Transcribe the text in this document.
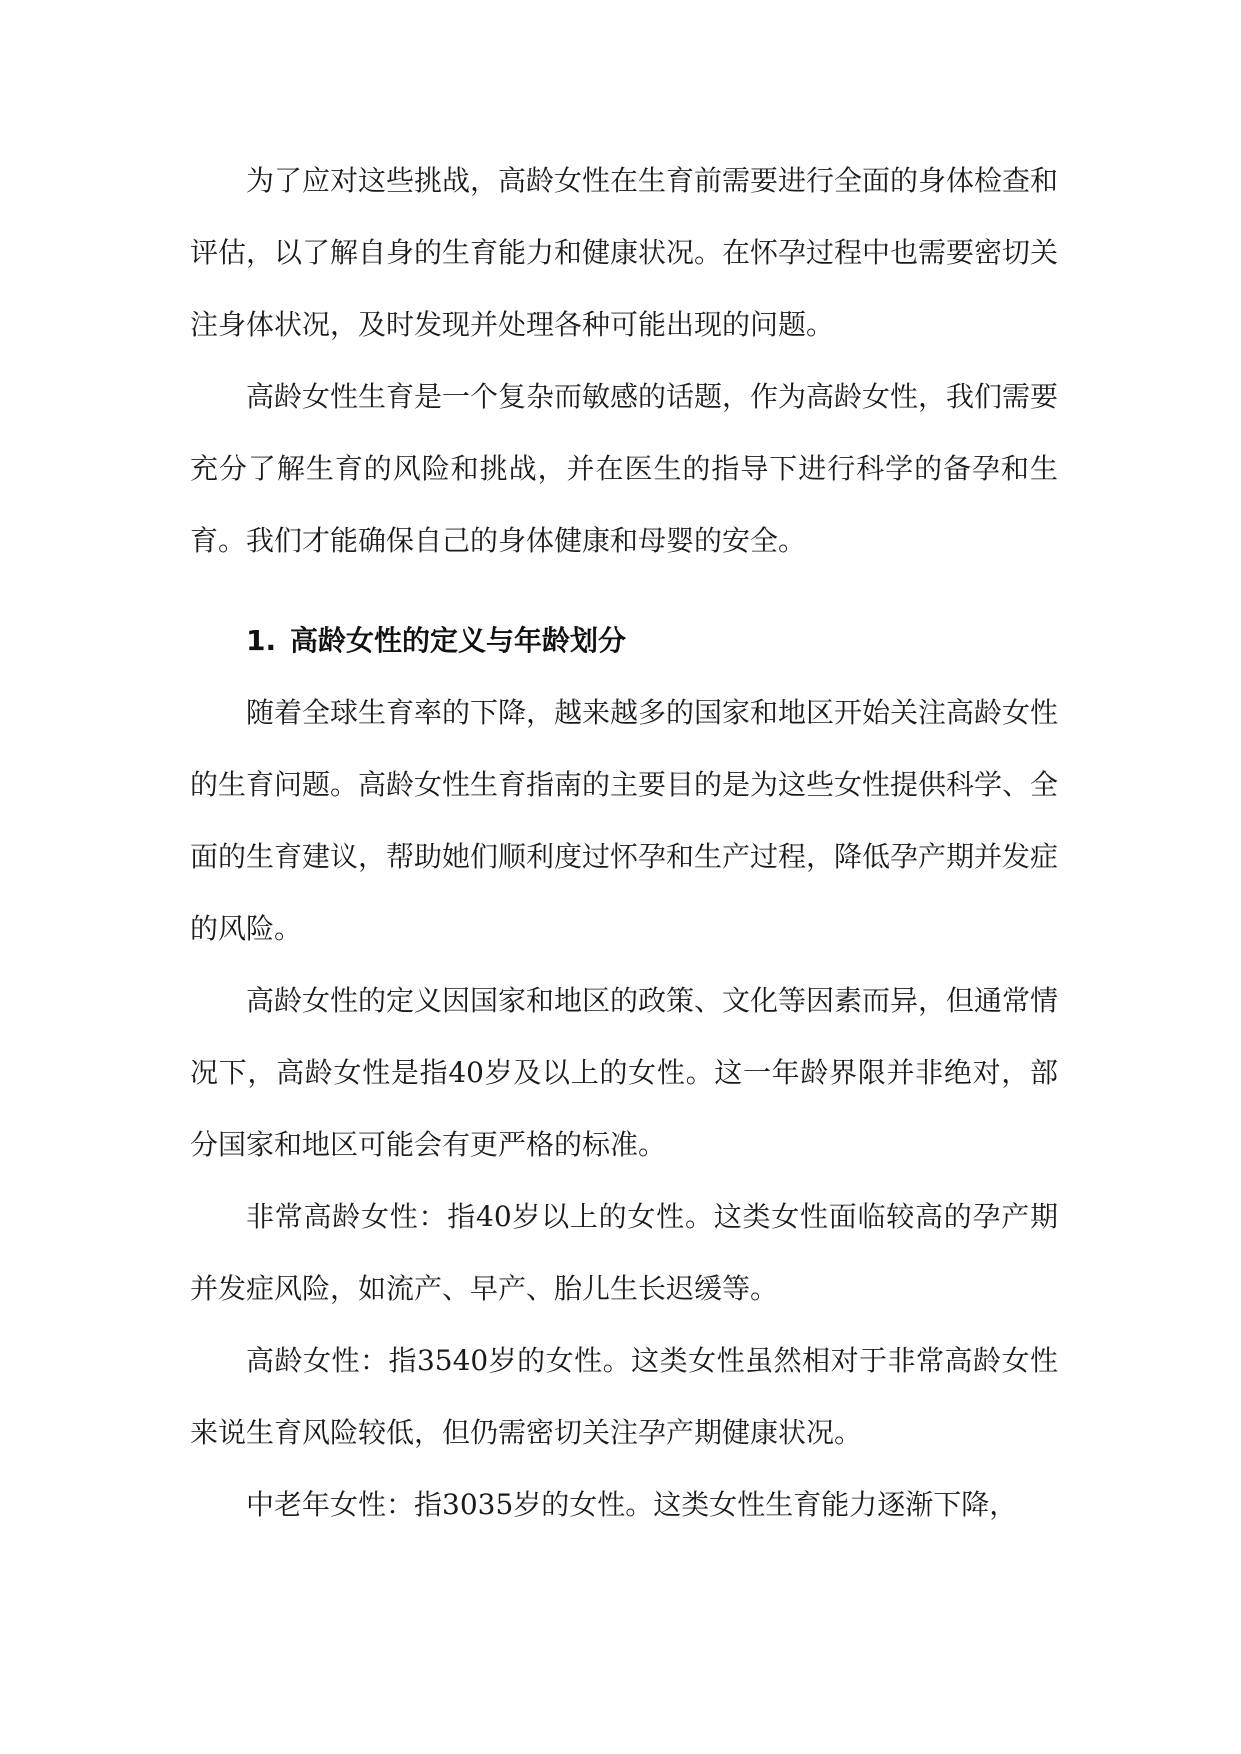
为了应对这些挑战，高龄女性在生育前需要进行全面的身体检查和评估，以了解自身的生育能力和健康状况。在怀孕过程中也需要密切关注身体状况，及时发现并处理各种可能出现的问题。

高龄女性生育是一个复杂而敏感的话题，作为高龄女性，我们需要充分了解生育的风险和挑战，并在医生的指导下进行科学的备孕和生育。我们才能确保自己的身体健康和母婴的安全。

1. 高龄女性的定义与年龄划分

随着全球生育率的下降，越来越多的国家和地区开始关注高龄女性的生育问题。高龄女性生育指南的主要目的是为这些女性提供科学、全面的生育建议，帮助她们顺利度过怀孕和生产过程，降低孕产期并发症的风险。

高龄女性的定义因国家和地区的政策、文化等因素而异，但通常情况下，高龄女性是指40岁及以上的女性。这一年龄界限并非绝对，部分国家和地区可能会有更严格的标准。

非常高龄女性：指40岁以上的女性。这类女性面临较高的孕产期并发症风险，如流产、早产、胎儿生长迟缓等。

高龄女性：指3540岁的女性。这类女性虽然相对于非常高龄女性来说生育风险较低，但仍需密切关注孕产期健康状况。

中老年女性：指3035岁的女性。这类女性生育能力逐渐下降，
